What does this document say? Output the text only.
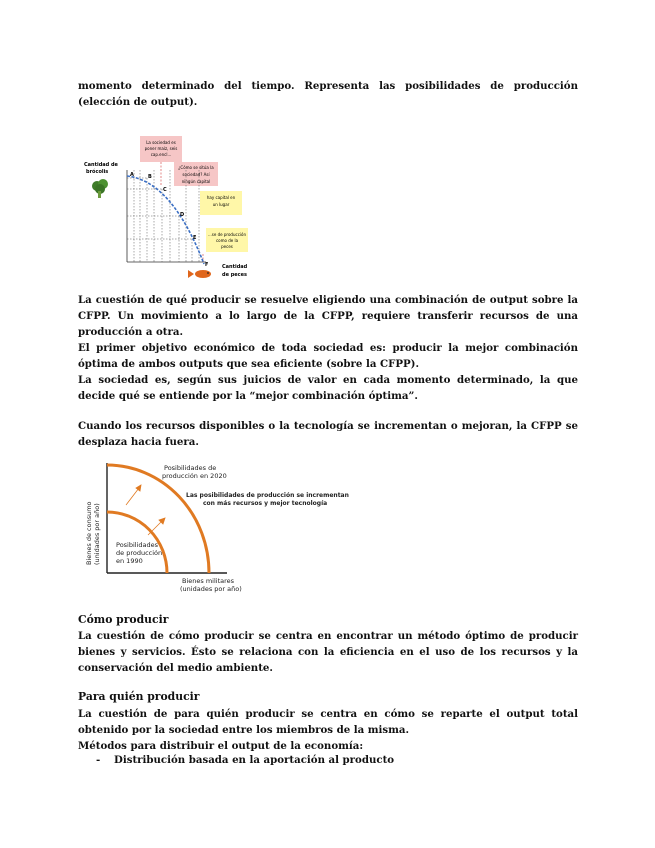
momento determinado del tiempo. Representa las posibilidades de producción (elección de output).

La sociedad es
poner maíz, seis
cap.encl...
¿Cómo se sitúa la
sociedad? Así
ningún capital
hay capital en
un lugar
...se de producción
como de la
peces
Cantidad de
brócolis	A	B
C
D
E
F	Cantidad
de peces

La cuestión de qué producir se resuelve eligiendo una combinación de output sobre la CFPP. Un movimiento a lo largo de la CFPP, requiere transferir recursos de una producción a otra.

El primer objetivo económico de toda sociedad es: producir la mejor combinación óptima de ambos outputs que sea eficiente (sobre la CFPP).

La sociedad es, según sus juicios de valor en cada momento determinado, la que decide qué se entiende por la “mejor combinación óptima”.

Cuando los recursos disponibles o la tecnología se incrementan o mejoran, la CFPP se desplaza hacia fuera.

Bienes de consumo (unidades por año)
Posibilidades de
producción en 2020
Las posibilidades de producción se incrementan
con más recursos y mejor tecnología
Posibilidades
de producción
en 1990
Bienes militares
(unidades por año)

Cómo producir

La cuestión de cómo producir se centra en encontrar un método óptimo de producir bienes y servicios. Ésto se relaciona con la eficiencia en el uso de los recursos y la conservación del medio ambiente.

Para quién producir

La cuestión de para quién producir se centra en cómo se reparte el output total obtenido por la sociedad entre los miembros de la misma.

Métodos para distribuir el output de la economía:

- Distribución basada en la aportación al producto
